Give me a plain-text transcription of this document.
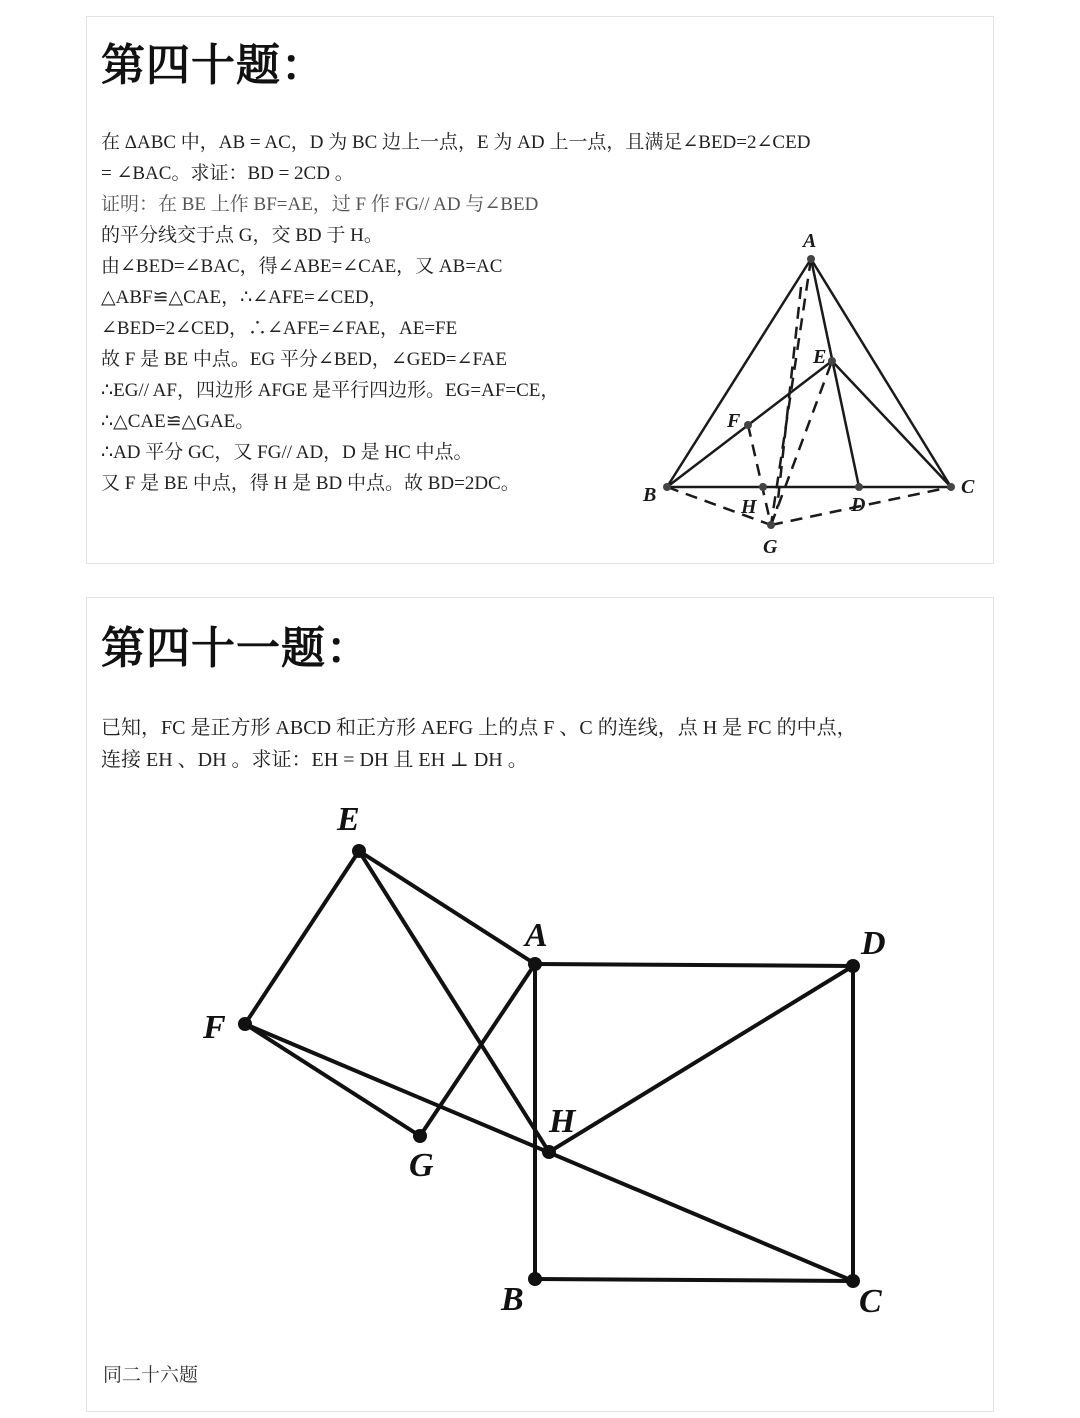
第四十题：
在 ΔABC 中，AB = AC，D 为 BC 边上一点，E 为 AD 上一点，且满足∠BED=2∠CED
= ∠BAC。求证：BD = 2CD 。
证明：在 BE 上作 BF=AE，过 F 作 FG// AD 与∠BED
的平分线交于点 G，交 BD 于 H。
由∠BED=∠BAC，得∠ABE=∠CAE，又 AB=AC
△ABF≌△CAE，∴∠AFE=∠CED，
∠BED=2∠CED，∴∠AFE=∠FAE，AE=FE
故 F 是 BE 中点。EG 平分∠BED，∠GED=∠FAE
∴EG// AF，四边形 AFGE 是平行四边形。EG=AF=CE，
∴△CAE≌△GAE。
∴AD 平分 GC，又 FG// AD，D 是 HC 中点。
又 F 是 BE 中点，得 H 是 BD 中点。故 BD=2DC。
A
B	C
D
E
F
G
H
第四十一题：
已知，FC 是正方形 ABCD 和正方形 AEFG 上的点 F 、C 的连线，点 H 是 FC 的中点，
连接 EH 、DH 。求证：EH = DH 且 EH ⊥ DH 。
E
F
G
A	D
B	C
H
同二十六题
